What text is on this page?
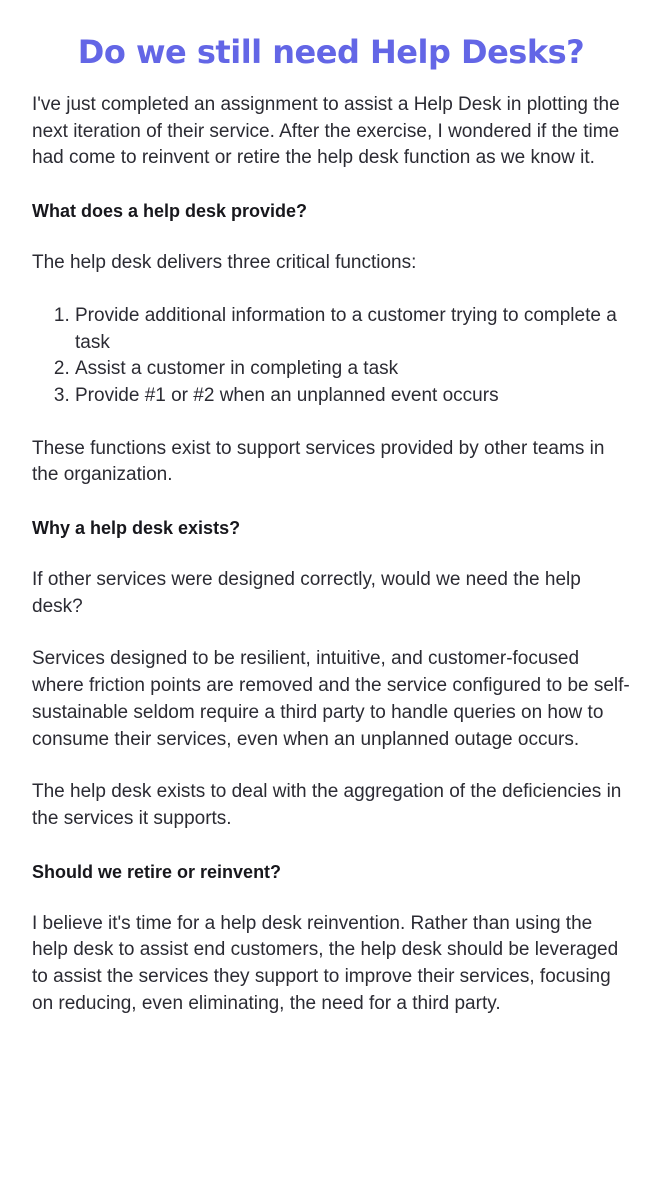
Do we still need Help Desks?

I've just completed an assignment to assist a Help Desk in plotting the next iteration of their service. After the exercise, I wondered if the time had come to reinvent or retire the help desk function as we know it.

What does a help desk provide?

The help desk delivers three critical functions:

1. Provide additional information to a customer trying to complete a task
2. Assist a customer in completing a task
3. Provide #1 or #2 when an unplanned event occurs

These functions exist to support services provided by other teams in the organization.

Why a help desk exists?

If other services were designed correctly, would we need the help desk?

Services designed to be resilient, intuitive, and customer-focused where friction points are removed and the service configured to be self-sustainable seldom require a third party to handle queries on how to consume their services, even when an unplanned outage occurs.

The help desk exists to deal with the aggregation of the deficiencies in the services it supports.

Should we retire or reinvent?

I believe it's time for a help desk reinvention. Rather than using the help desk to assist end customers, the help desk should be leveraged to assist the services they support to improve their services, focusing on reducing, even eliminating, the need for a third party.
